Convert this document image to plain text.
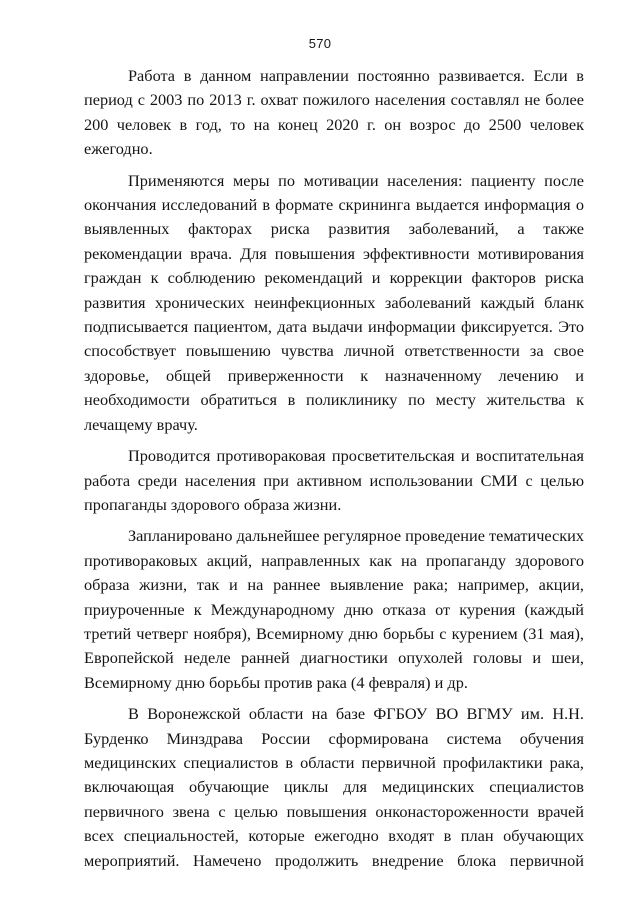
570

Работа в данном направлении постоянно развивается. Если в период с 2003 по 2013 г. охват пожилого населения составлял не более 200 человек в год, то на конец 2020 г. он возрос до 2500 человек ежегодно.

Применяются меры по мотивации населения: пациенту после окончания исследований в формате скрининга выдается информация о выявленных факторах риска развития заболеваний, а также рекомендации врача. Для повышения эффективности мотивирования граждан к соблюдению рекомендаций и коррекции факторов риска развития хронических неинфекционных заболеваний каждый бланк подписывается пациентом, дата выдачи информации фиксируется. Это способствует повышению чувства личной ответственности за свое здоровье, общей приверженности к назначенному лечению и необходимости обратиться в поликлинику по месту жительства к лечащему врачу.

Проводится противораковая просветительская и воспитательная работа среди населения при активном использовании СМИ с целью пропаганды здорового образа жизни.

Запланировано дальнейшее регулярное проведение тематических противораковых акций, направленных как на пропаганду здорового образа жизни, так и на раннее выявление рака; например, акции, приуроченные к Международному дню отказа от курения (каждый третий четверг ноября), Всемирному дню борьбы с курением (31 мая), Европейской неделе ранней диагностики опухолей головы и шеи, Всемирному дню борьбы против рака (4 февраля) и др.

В Воронежской области на базе ФГБОУ ВО ВГМУ им. Н.Н. Бурденко Минздрава России сформирована система обучения медицинских специалистов в области первичной профилактики рака, включающая обучающие циклы для медицинских специалистов первичного звена с целью повышения онконастороженности врачей всех специальностей, которые ежегодно входят в план обучающих мероприятий. Намечено продолжить внедрение блока первичной
